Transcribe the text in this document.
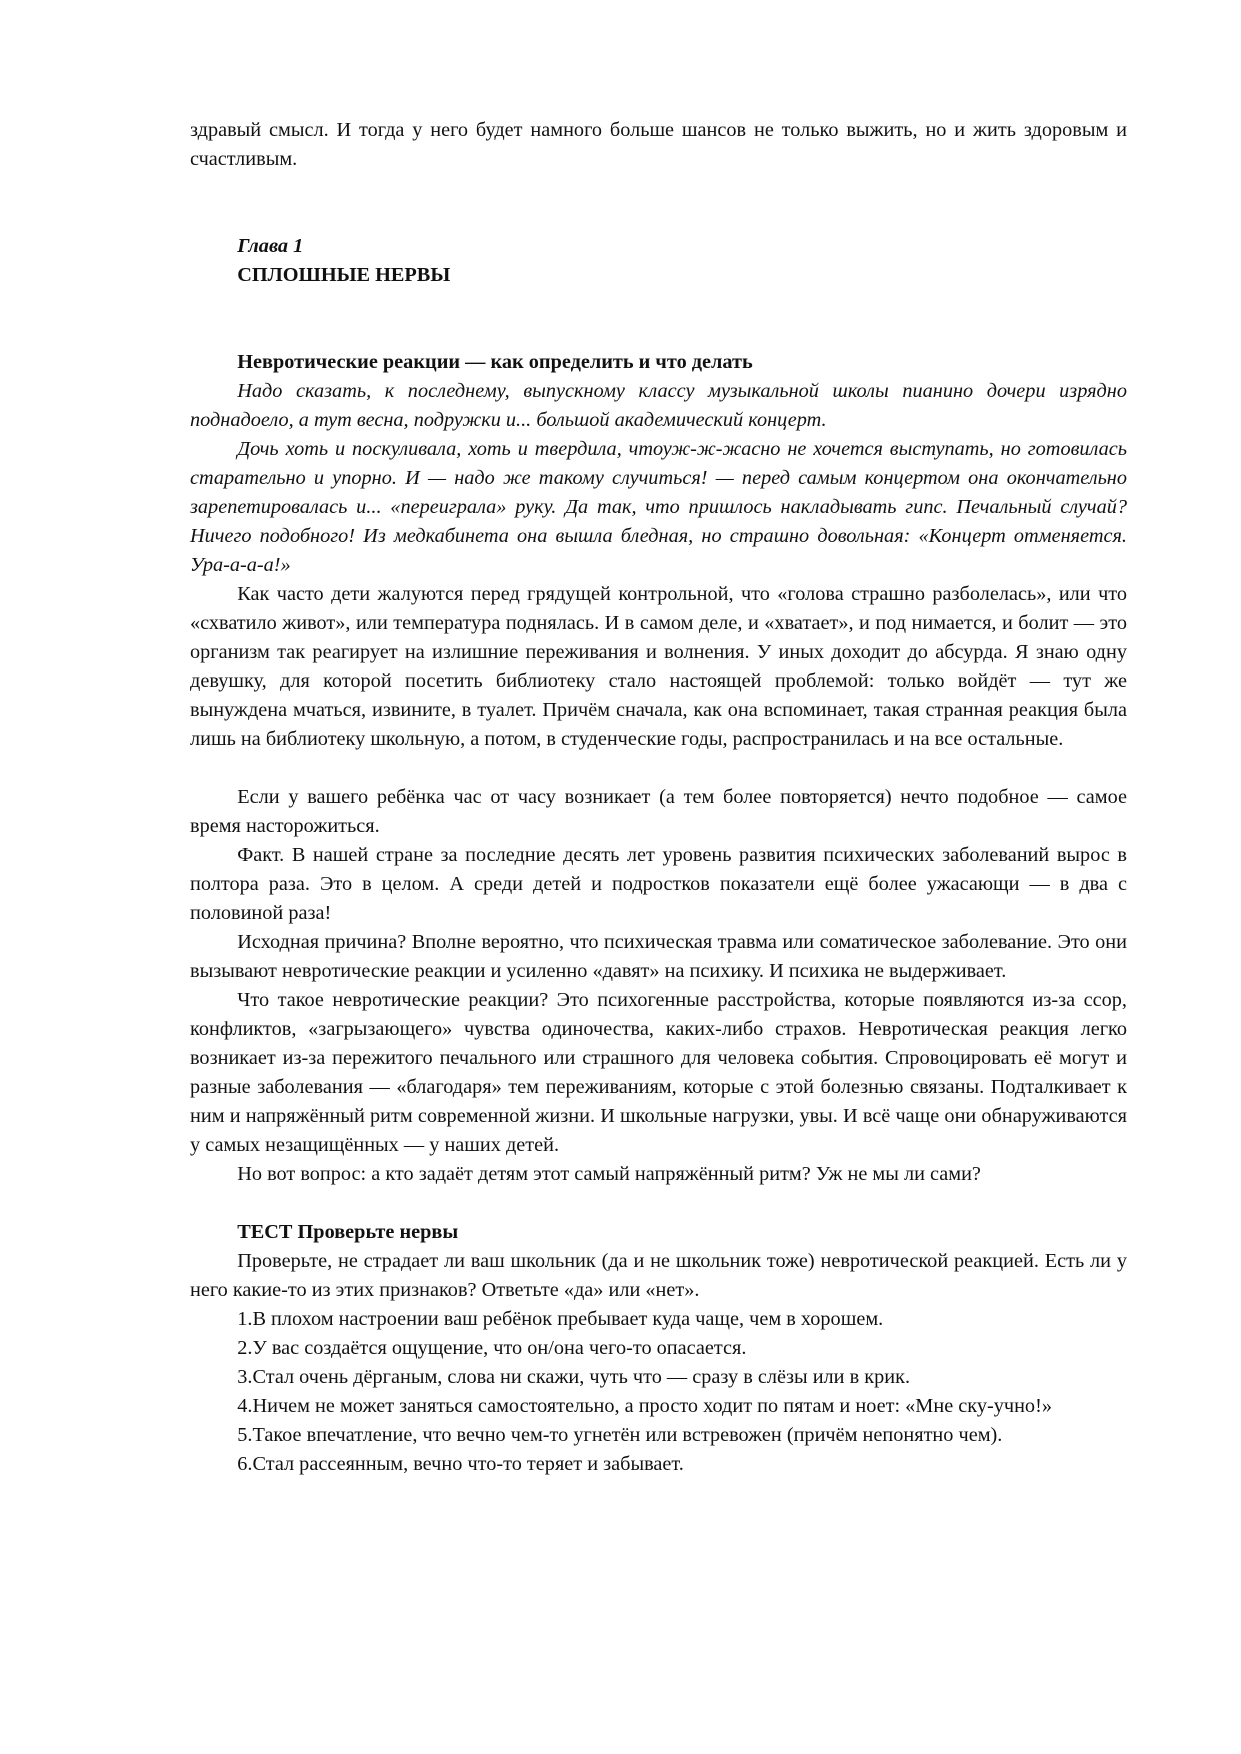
здравый смысл. И тогда у него будет намного больше шансов не только выжить, но и жить здоровым и счастливым.

Глава 1

СПЛОШНЫЕ НЕРВЫ

Невротические реакции — как определить и что делать

Надо сказать, к последнему, выпускному классу музыкальной школы пианино дочери изрядно поднадоело, а тут весна, подружки и... большой академический концерт.

Дочь хоть и поскуливала, хоть и твердила, чтоуж-ж-жасно не хочется выступать, но готовилась старательно и упорно. И — надо же такому случиться! — перед самым концертом она окончательно зарепетировалась и... «переиграла» руку. Да так, что пришлось накладывать гипс. Печальный случай? Ничего подобного! Из медкабинета она вышла бледная, но страшно довольная: «Концерт отменяется. Ура-а-а-а!»

Как часто дети жалуются перед грядущей контрольной, что «голова страшно разболелась», или что «схватило живот», или температура поднялась. И в самом деле, и «хватает», и под нимается, и болит — это организм так реагирует на излишние переживания и волнения. У иных доходит до абсурда. Я знаю одну девушку, для которой посетить библиотеку стало настоящей проблемой: только войдёт — тут же вынуждена мчаться, извините, в туалет. Причём сначала, как она вспоминает, такая странная реакция была лишь на библиотеку школьную, а потом, в студенческие годы, распространилась и на все остальные.

Если у вашего ребёнка час от часу возникает (а тем более повторяется) нечто подобное — самое время насторожиться.

Факт. В нашей стране за последние десять лет уровень развития психических заболеваний вырос в полтора раза. Это в целом. А среди детей и подростков показатели ещё более ужасающи — в два с половиной раза!

Исходная причина? Вполне вероятно, что психическая травма или соматическое заболевание. Это они вызывают невротические реакции и усиленно «давят» на психику. И психика не выдерживает.

Что такое невротические реакции? Это психогенные расстройства, которые появляются из-за ссор, конфликтов, «загрызающего» чувства одиночества, каких-либо страхов. Невротическая реакция легко возникает из-за пережитого печального или страшного для человека события. Спровоцировать её могут и разные заболевания — «благодаря» тем переживаниям, которые с этой болезнью связаны. Подталкивает к ним и напряжённый ритм современной жизни. И школьные нагрузки, увы. И всё чаще они обнаруживаются у самых незащищённых — у наших детей.

Но вот вопрос: а кто задаёт детям этот самый напряжённый ритм? Уж не мы ли сами?

ТЕСТ Проверьте нервы

Проверьте, не страдает ли ваш школьник (да и не школьник тоже) невротической реакцией. Есть ли у него какие-то из этих признаков? Ответьте «да» или «нет».

1.В плохом настроении ваш ребёнок пребывает куда чаще, чем в хорошем.

2.У вас создаётся ощущение, что он/она чего-то опасается.

3.Стал очень дёрганым, слова ни скажи, чуть что — сразу в слёзы или в крик.

4.Ничем не может заняться самостоятельно, а просто ходит по пятам и ноет: «Мне ску-учно!»

5.Такое впечатление, что вечно чем-то угнетён или встревожен (причём непонятно чем).

6.Стал рассеянным, вечно что-то теряет и забывает.
